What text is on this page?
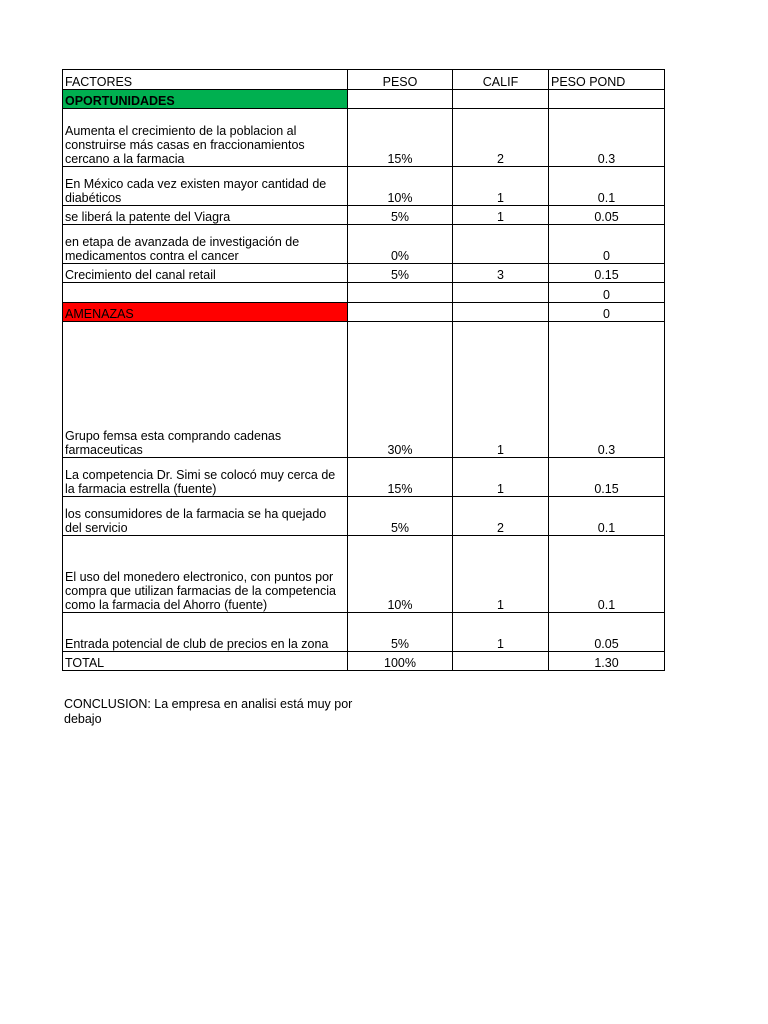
FACTORES	PESO	CALIF	PESO POND
OPORTUNIDADES			
Aumenta el crecimiento de la poblacion al construirse más casas en fraccionamientos cercano a la farmacia	15%	2	0.3
En México cada vez existen mayor cantidad de diabéticos	10%	1	0.1
se liberá la patente del Viagra	5%	1	0.05
en etapa de avanzada de investigación de medicamentos contra el cancer	0%		0
Crecimiento del canal retail	5%	3	0.15
			0
AMENAZAS			0
Grupo femsa esta comprando cadenas farmaceuticas	30%	1	0.3
La competencia Dr. Simi se colocó muy cerca de la farmacia estrella (fuente)	15%	1	0.15
los consumidores de la farmacia se ha quejado del servicio	5%	2	0.1
El uso del monedero electronico, con puntos por compra que utilizan farmacias de la competencia como la farmacia del Ahorro (fuente)	10%	1	0.1
Entrada potencial de club de precios en la zona	5%	1	0.05
TOTAL	100%		1.30
CONCLUSION: La empresa en analisi está muy por debajo
